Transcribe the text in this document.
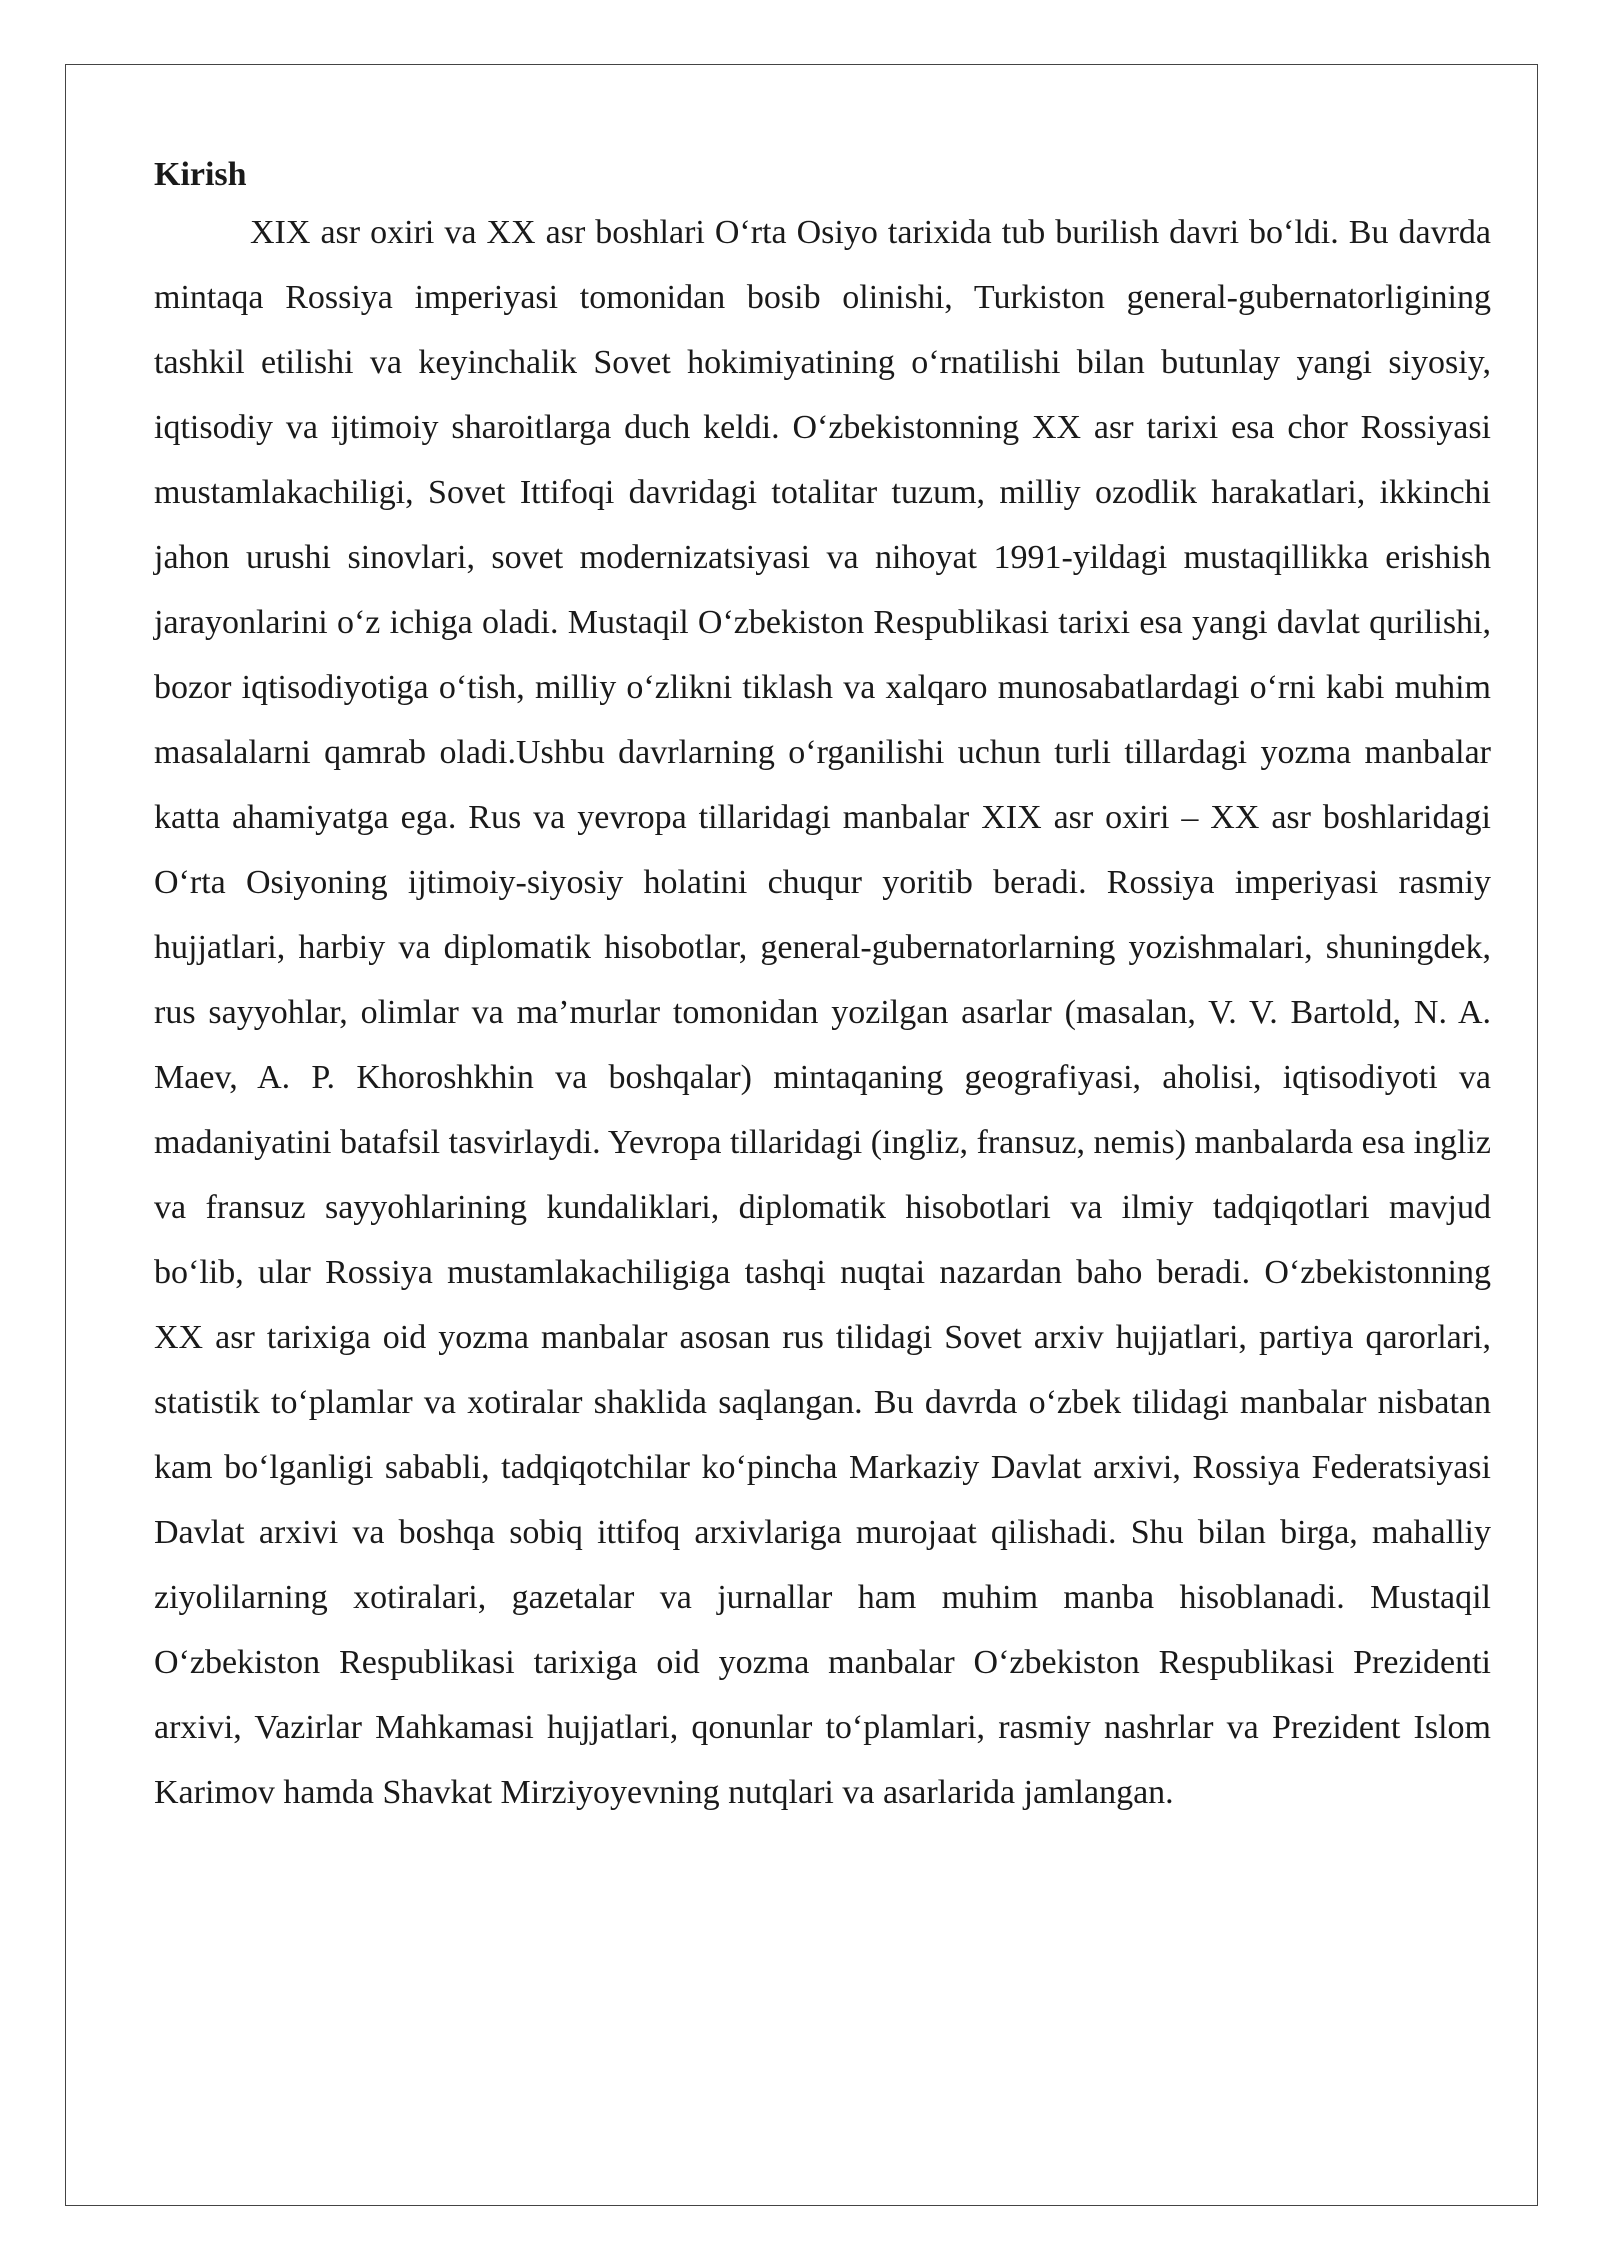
Kirish

XIX asr oxiri va XX asr boshlari O‘rta Osiyo tarixida tub burilish davri bo‘ldi. Bu davrda mintaqa Rossiya imperiyasi tomonidan bosib olinishi, Turkiston general-gubernatorligining tashkil etilishi va keyinchalik Sovet hokimiyatining o‘rnatilishi bilan butunlay yangi siyosiy, iqtisodiy va ijtimoiy sharoitlarga duch keldi. O‘zbekistonning XX asr tarixi esa chor Rossiyasi mustamlakachiligi, Sovet Ittifoqi davridagi totalitar tuzum, milliy ozodlik harakatlari, ikkinchi jahon urushi sinovlari, sovet modernizatsiyasi va nihoyat 1991-yildagi mustaqillikka erishish jarayonlarini o‘z ichiga oladi. Mustaqil O‘zbekiston Respublikasi tarixi esa yangi davlat qurilishi, bozor iqtisodiyotiga o‘tish, milliy o‘zlikni tiklash va xalqaro munosabatlardagi o‘rni kabi muhim masalalarni qamrab oladi.Ushbu davrlarning o‘rganilishi uchun turli tillardagi yozma manbalar katta ahamiyatga ega. Rus va yevropa tillaridagi manbalar XIX asr oxiri – XX asr boshlaridagi O‘rta Osiyoning ijtimoiy-siyosiy holatini chuqur yoritib beradi. Rossiya imperiyasi rasmiy hujjatlari, harbiy va diplomatik hisobotlar, general-gubernatorlarning yozishmalari, shuningdek, rus sayyohlar, olimlar va ma’murlar tomonidan yozilgan asarlar (masalan, V. V. Bartold, N. A. Maev, A. P. Khoroshkhin va boshqalar) mintaqaning geografiyasi, aholisi, iqtisodiyoti va madaniyatini batafsil tasvirlaydi. Yevropa tillaridagi (ingliz, fransuz, nemis) manbalarda esa ingliz va fransuz sayyohlarining kundaliklari, diplomatik hisobotlari va ilmiy tadqiqotlari mavjud bo‘lib, ular Rossiya mustamlakachiligiga tashqi nuqtai nazardan baho beradi. O‘zbekistonning XX asr tarixiga oid yozma manbalar asosan rus tilidagi Sovet arxiv hujjatlari, partiya qarorlari, statistik to‘plamlar va xotiralar shaklida saqlangan. Bu davrda o‘zbek tilidagi manbalar nisbatan kam bo‘lganligi sababli, tadqiqotchilar ko‘pincha Markaziy Davlat arxivi, Rossiya Federatsiyasi Davlat arxivi va boshqa sobiq ittifoq arxivlariga murojaat qilishadi. Shu bilan birga, mahalliy ziyolilarning xotiralari, gazetalar va jurnallar ham muhim manba hisoblanadi. Mustaqil O‘zbekiston Respublikasi tarixiga oid yozma manbalar O‘zbekiston Respublikasi Prezidenti arxivi, Vazirlar Mahkamasi hujjatlari, qonunlar to‘plamlari, rasmiy nashrlar va Prezident Islom Karimov hamda Shavkat Mirziyoyevning nutqlari va asarlarida jamlangan.
